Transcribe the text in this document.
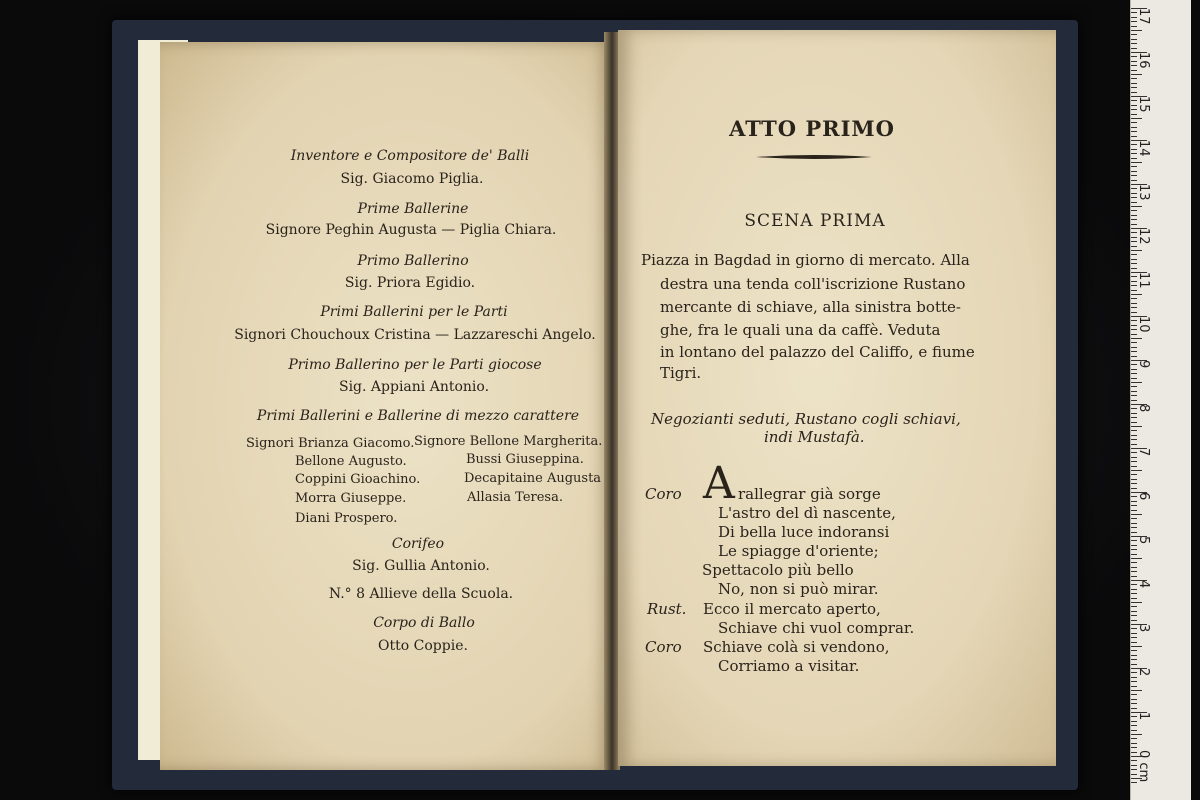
Inventore e Compositore de' Balli
Sig. Giacomo Piglia.
Prime Ballerine
Signore Peghin Augusta — Piglia Chiara.
Primo Ballerino
Sig. Priora Egidio.
Primi Ballerini per le Parti
Signori Chouchoux Cristina — Lazzareschi Angelo.
Primo Ballerino per le Parti giocose
Sig. Appiani Antonio.
Primi Ballerini e Ballerine di mezzo carattere
Signori Brianza Giacomo.
Bellone Augusto.
Coppini Gioachino.
Morra Giuseppe.
Diani Prospero.
Signore Bellone Margherita.
Bussi Giuseppina.
Decapitaine Augusta
Allasia Teresa.
Corifeo
Sig. Gullia Antonio.
N.° 8 Allieve della Scuola.
Corpo di Ballo
Otto Coppie.
ATTO PRIMO
SCENA PRIMA
Piazza in Bagdad in giorno di mercato. Alla
destra una tenda coll'iscrizione Rustano
mercante di schiave, alla sinistra botte-
ghe, fra le quali una da caffè. Veduta
in lontano del palazzo del Califfo, e fiume
Tigri.
Negozianti seduti, Rustano cogli schiavi,
indi Mustafà.
A
Coro	rallegrar già sorge
L'astro del dì nascente,
Di bella luce indoransi
Le spiagge d'oriente;
Spettacolo più bello
No, non si può mirar.
Rust. Ecco il mercato aperto,
Schiave chi vuol comprar.
Coro Schiave colà si vendono,
Corriamo a visitar.
17
16
15
14
13
12
11
10
9
8
7
6
5
4
3
2
1
0 cm
